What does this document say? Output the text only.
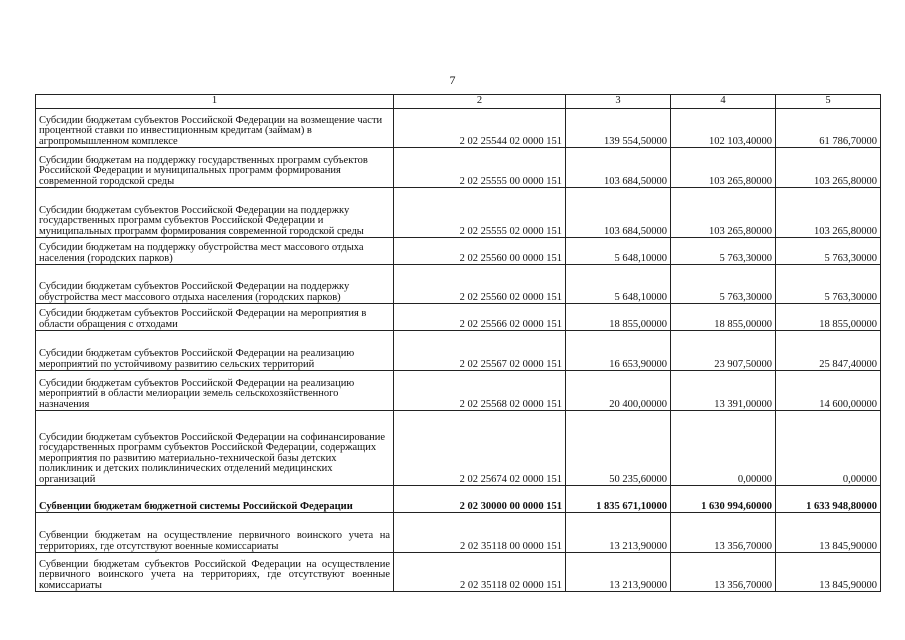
7
1	2	3	4	5
Субсидии бюджетам субъектов Российской Федерации на возмещение части процентной ставки по инвестиционным кредитам (займам) в агропромышленном комплексе	2 02 25544 02 0000 151	139 554,50000	102 103,40000	61 786,70000
Субсидии бюджетам на поддержку государственных программ субъектов Российской Федерации и муниципальных программ формирования современной городской среды	2 02 25555 00 0000 151	103 684,50000	103 265,80000	103 265,80000
Субсидии бюджетам субъектов Российской Федерации на поддержку государственных программ субъектов Российской Федерации и муниципальных программ формирования современной городской среды	2 02 25555 02 0000 151	103 684,50000	103 265,80000	103 265,80000
Субсидии бюджетам на поддержку обустройства мест массового отдыха населения (городских парков)	2 02 25560 00 0000 151	5 648,10000	5 763,30000	5 763,30000
Субсидии бюджетам субъектов Российской Федерации на поддержку обустройства мест массового отдыха населения (городских парков)	2 02 25560 02 0000 151	5 648,10000	5 763,30000	5 763,30000
Субсидии бюджетам субъектов Российской Федерации на мероприятия в области обращения с отходами	2 02 25566 02 0000 151	18 855,00000	18 855,00000	18 855,00000
Субсидии бюджетам субъектов Российской Федерации на реализацию мероприятий по устойчивому развитию сельских территорий	2 02 25567 02 0000 151	16 653,90000	23 907,50000	25 847,40000
Субсидии бюджетам субъектов Российской Федерации на реализацию мероприятий в области мелиорации земель сельскохозяйственного назначения	2 02 25568 02 0000 151	20 400,00000	13 391,00000	14 600,00000
Субсидии бюджетам субъектов Российской Федерации на софинансирование государственных программ субъектов Российской Федерации, содержащих мероприятия по развитию материально-технической базы детских поликлиник и детских поликлинических отделений медицинских организаций	2 02 25674 02 0000 151	50 235,60000	0,00000	0,00000
Субвенции бюджетам бюджетной системы Российской Федерации	2 02 30000 00 0000 151	1 835 671,10000	1 630 994,60000	1 633 948,80000
Субвенции бюджетам на осуществление первичного воинского учета на территориях, где отсутствуют военные комиссариаты	2 02 35118 00 0000 151	13 213,90000	13 356,70000	13 845,90000
Субвенции бюджетам субъектов Российской Федерации на осуществление первичного воинского учета на территориях, где отсутствуют военные комиссариаты	2 02 35118 02 0000 151	13 213,90000	13 356,70000	13 845,90000
